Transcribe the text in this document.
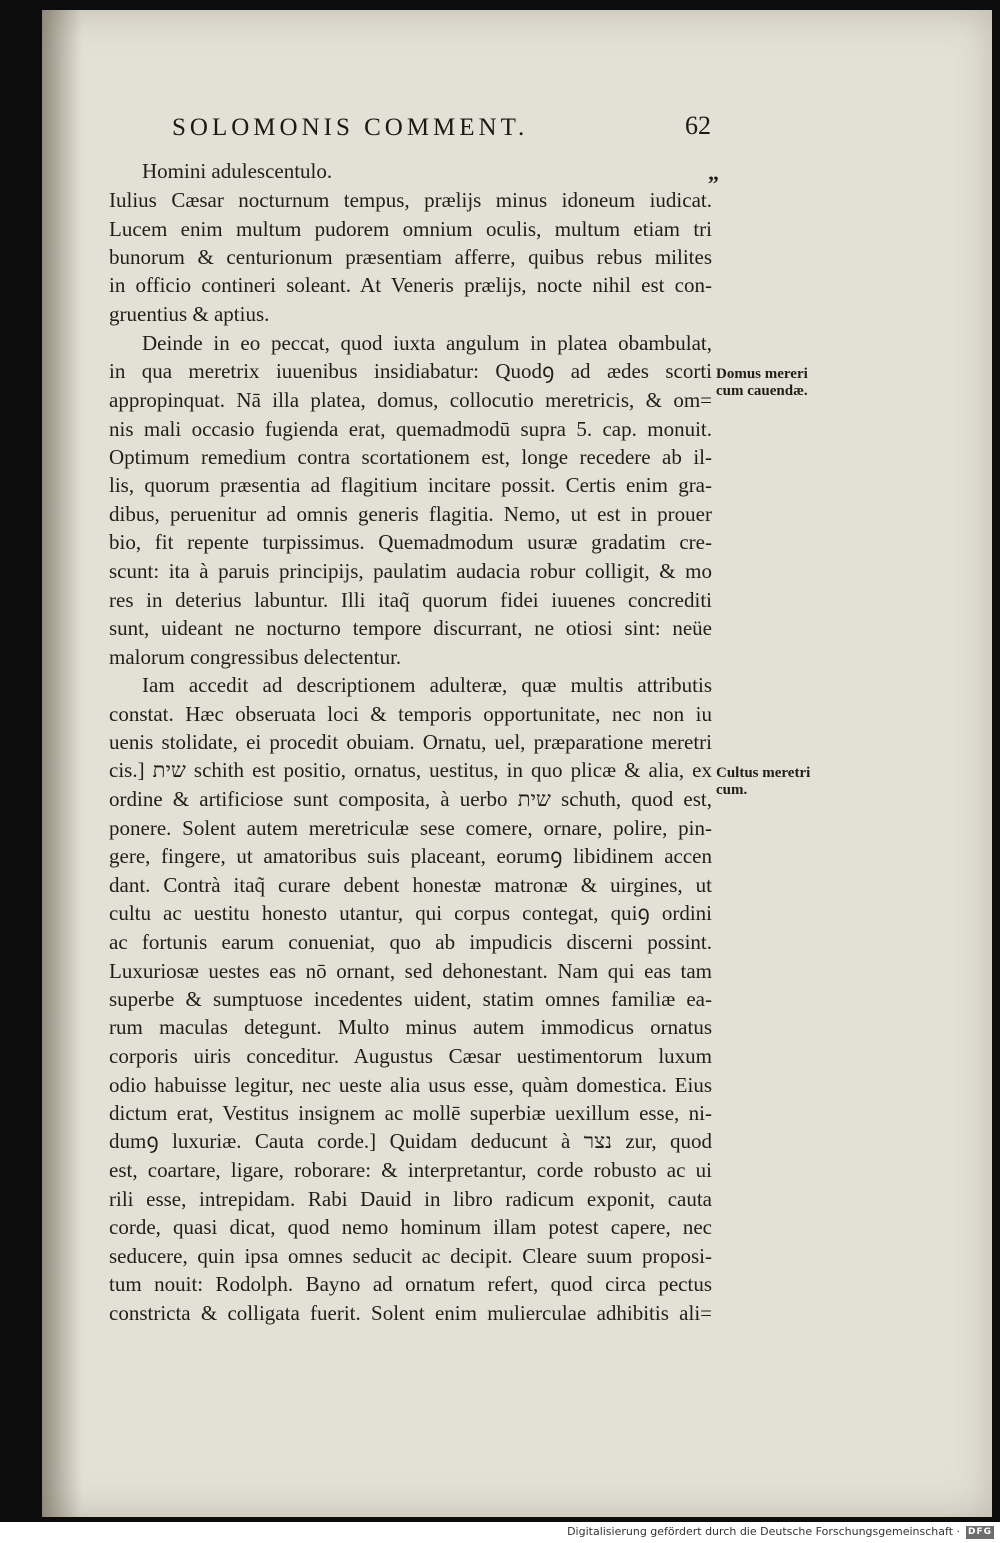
SOLOMONIS COMMENT.	62
„
Homini adulescentulo.
Iulius Cæsar nocturnum tempus, prælijs minus idoneum iudicat.
Lucem enim multum pudorem omnium oculis, multum etiam tri
bunorum & centurionum præsentiam afferre, quibus rebus milites
in officio contineri soleant. At Veneris prælijs, nocte nihil est con-
gruentius & aptius.
Deinde in eo peccat, quod iuxta angulum in platea obambulat,
in qua meretrix iuuenibus insidiabatur: Quodꝯ ad ædes scorti
appropinquat. Nā illa platea, domus, collocutio meretricis, & om=
nis mali occasio fugienda erat, quemadmodū supra 5. cap. monuit.
Optimum remedium contra scortationem est, longe recedere ab il-
lis, quorum præsentia ad flagitium incitare possit. Certis enim gra-
dibus, peruenitur ad omnis generis flagitia. Nemo, ut est in prouer
bio, fit repente turpissimus. Quemadmodum usuræ gradatim cre-
scunt: ita à paruis principijs, paulatim audacia robur colligit, & mo
res in deterius labuntur. Illi itaq̃ quorum fidei iuuenes concrediti
sunt, uideant ne nocturno tempore discurrant, ne otiosi sint: neüe
malorum congressibus delectentur.
Iam accedit ad descriptionem adulteræ, quæ multis attributis
constat. Hæc obseruata loci & temporis opportunitate, nec non iu
uenis stolidate, ei procedit obuiam. Ornatu, uel, præparatione meretri
cis.] שית schith est positio, ornatus, uestitus, in quo plicæ & alia, ex
ordine & artificiose sunt composita, à uerbo שית schuth, quod est,
ponere. Solent autem meretriculæ sese comere, ornare, polire, pin-
gere, fingere, ut amatoribus suis placeant, eorumꝯ libidinem accen
dant. Contrà itaq̃ curare debent honestæ matronæ & uirgines, ut
cultu ac uestitu honesto utantur, qui corpus contegat, quiꝯ ordini
ac fortunis earum conueniat, quo ab impudicis discerni possint.
Luxuriosæ uestes eas nō ornant, sed dehonestant. Nam qui eas tam
superbe & sumptuose incedentes uident, statim omnes familiæ ea-
rum maculas detegunt. Multo minus autem immodicus ornatus
corporis uiris conceditur. Augustus Cæsar uestimentorum luxum
odio habuisse legitur, nec ueste alia usus esse, quàm domestica. Eius
dictum erat, Vestitus insignem ac mollē superbiæ uexillum esse, ni-
dumꝯ luxuriæ. Cauta corde.] Quidam deducunt à נצר zur, quod
est, coartare, ligare, roborare: & interpretantur, corde robusto ac ui
rili esse, intrepidam. Rabi Dauid in libro radicum exponit, cauta
corde, quasi dicat, quod nemo hominum illam potest capere, nec
seducere, quin ipsa omnes seducit ac decipit. Cleare suum proposi-
tum nouit: Rodolph. Bayno ad ornatum refert, quod circa pectus
constricta & colligata fuerit. Solent enim mulierculae adhibitis ali=
Domus mereri
cum cauendæ.
Cultus meretri
cum.
Digitalisierung gefördert durch die Deutsche Forschungsgemeinschaft · DFG
